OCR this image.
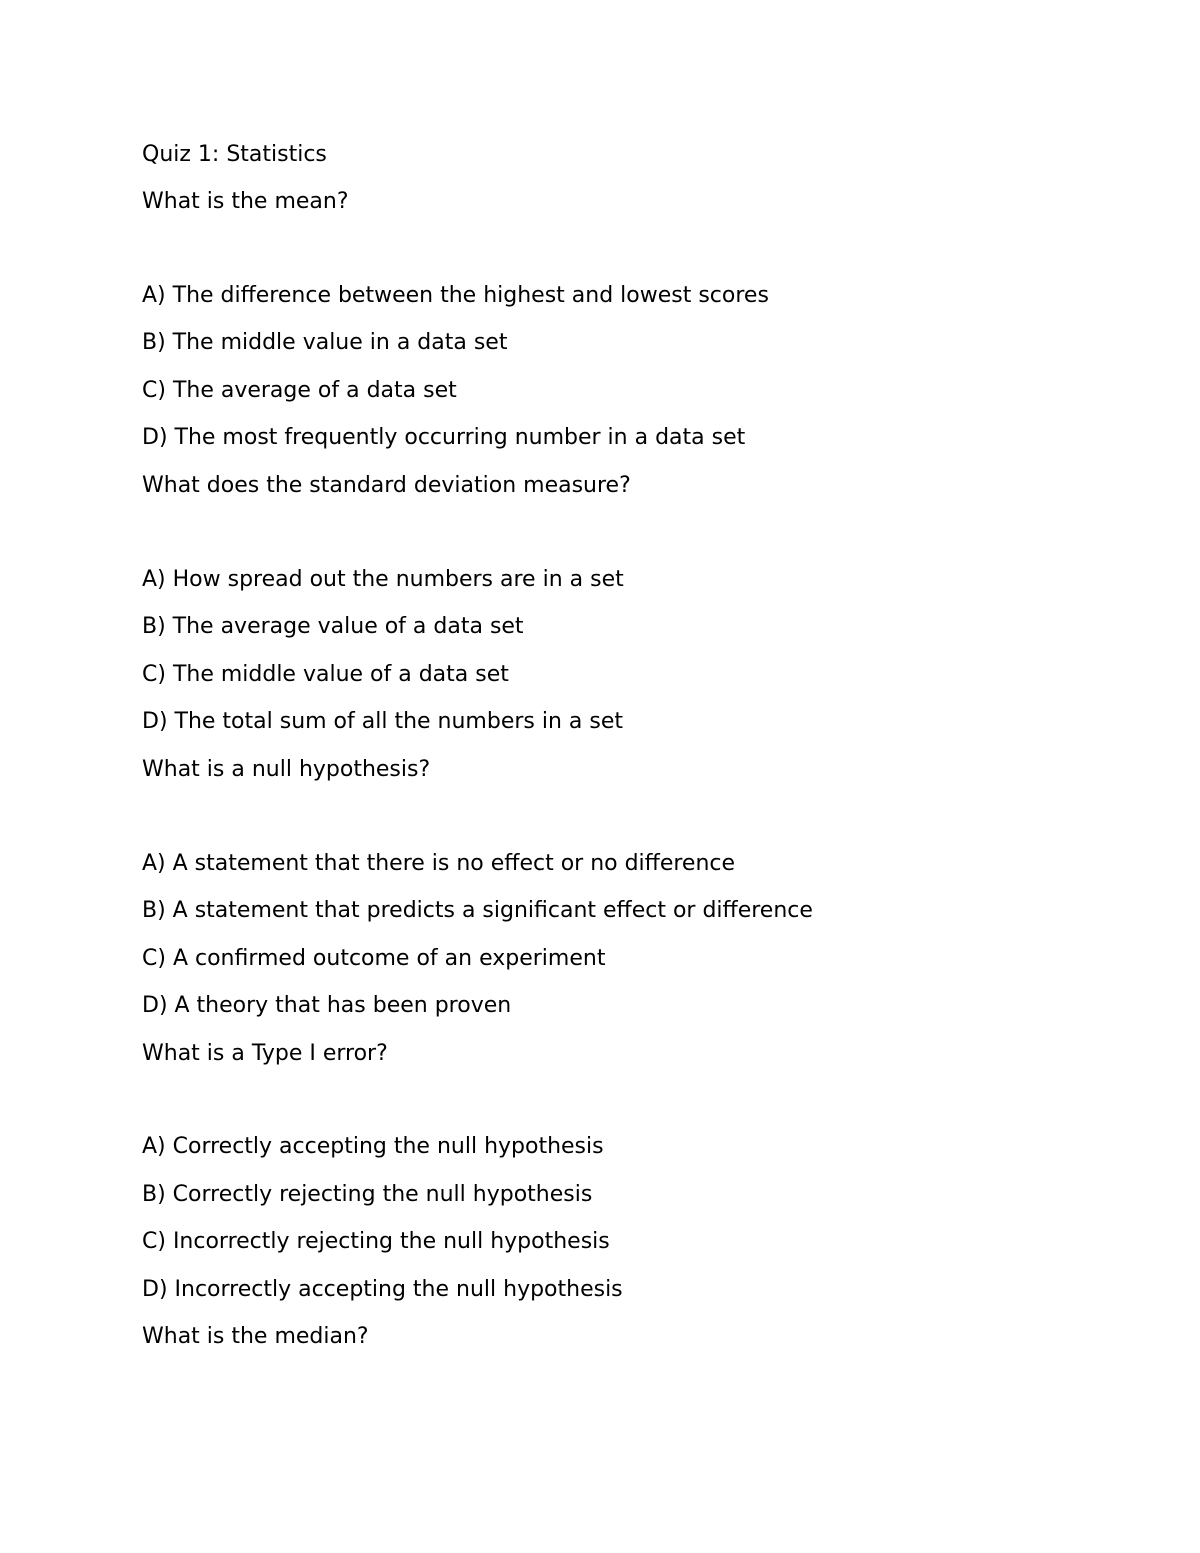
Quiz 1: Statistics
What is the mean?
A) The difference between the highest and lowest scores
B) The middle value in a data set
C) The average of a data set
D) The most frequently occurring number in a data set
What does the standard deviation measure?
A) How spread out the numbers are in a set
B) The average value of a data set
C) The middle value of a data set
D) The total sum of all the numbers in a set
What is a null hypothesis?
A) A statement that there is no effect or no difference
B) A statement that predicts a significant effect or difference
C) A confirmed outcome of an experiment
D) A theory that has been proven
What is a Type I error?
A) Correctly accepting the null hypothesis
B) Correctly rejecting the null hypothesis
C) Incorrectly rejecting the null hypothesis
D) Incorrectly accepting the null hypothesis
What is the median?
